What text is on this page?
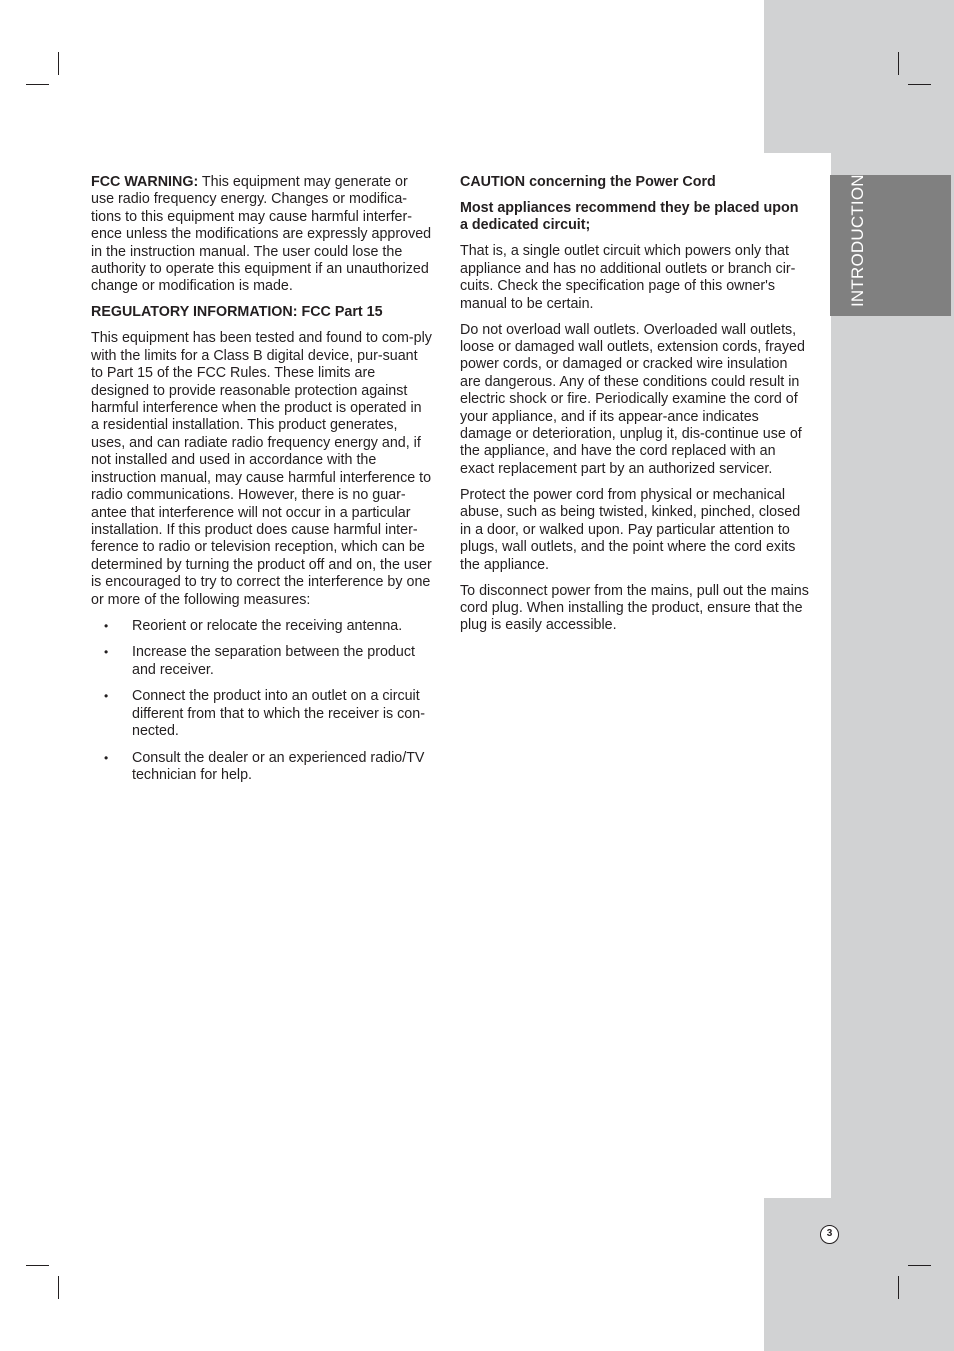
INTRODUCTION

FCC WARNING: This equipment may generate or use radio frequency energy. Changes or modifica-tions to this equipment may cause harmful interfer-ence unless the modifications are expressly approved in the instruction manual. The user could lose the authority to operate this equipment if an unauthorized change or modification is made.

REGULATORY INFORMATION: FCC Part 15

This equipment has been tested and found to com-ply with the limits for a Class B digital device, pur-suant to Part 15 of the FCC Rules. These limits are designed to provide reasonable protection against harmful interference when the product is operated in a residential installation. This product generates, uses, and can radiate radio frequency energy and, if not installed and used in accordance with the instruction manual, may cause harmful interference to radio communications. However, there is no guar-antee that interference will not occur in a particular installation. If this product does cause harmful inter-ference to radio or television reception, which can be determined by turning the product off and on, the user is encouraged to try to correct the interference by one or more of the following measures:

• Reorient or relocate the receiving antenna.
• Increase the separation between the product and receiver.
• Connect the product into an outlet on a circuit different from that to which the receiver is con-nected.
• Consult the dealer or an experienced radio/TV technician for help.

CAUTION concerning the Power Cord

Most appliances recommend they be placed upon a dedicated circuit;

That is, a single outlet circuit which powers only that appliance and has no additional outlets or branch cir-cuits. Check the specification page of this owner's manual to be certain.

Do not overload wall outlets. Overloaded wall outlets, loose or damaged wall outlets, extension cords, frayed power cords, or damaged or cracked wire insulation are dangerous. Any of these conditions could result in electric shock or fire. Periodically examine the cord of your appliance, and if its appear-ance indicates damage or deterioration, unplug it, dis-continue use of the appliance, and have the cord replaced with an exact replacement part by an authorized servicer.

Protect the power cord from physical or mechanical abuse, such as being twisted, kinked, pinched, closed in a door, or walked upon. Pay particular attention to plugs, wall outlets, and the point where the cord exits the appliance.

To disconnect power from the mains, pull out the mains cord plug. When installing the product, ensure that the plug is easily accessible.

3
